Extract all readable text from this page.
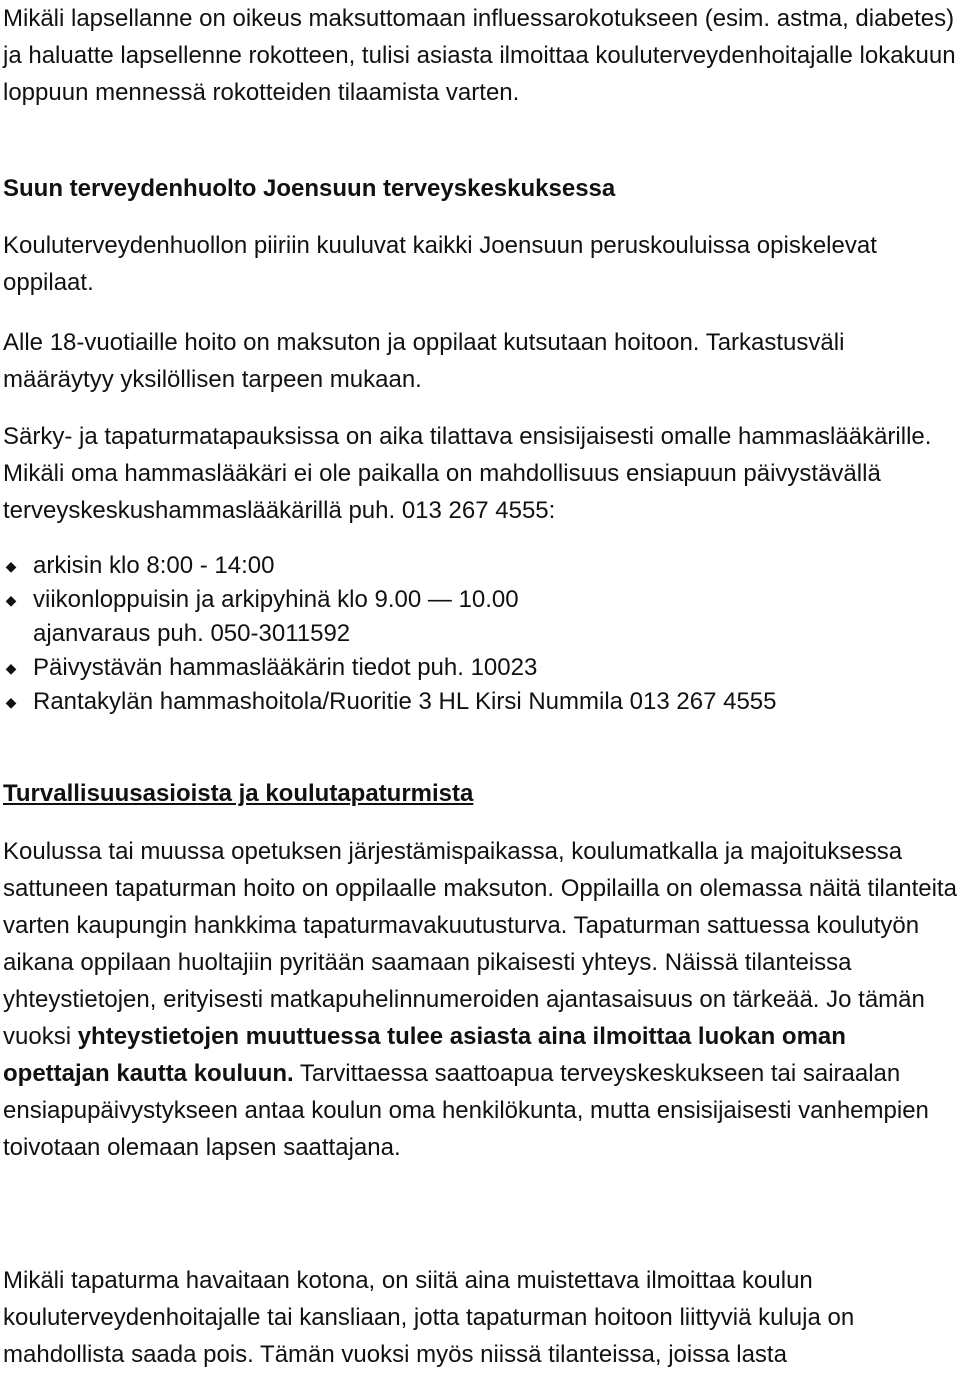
Mikäli lapsellanne on oikeus maksuttomaan influessarokotukseen (esim. astma, diabetes) ja haluatte lapsellenne rokotteen, tulisi asiasta ilmoittaa kouluterveydenhoitajalle lokakuun loppuun mennessä rokotteiden tilaamista varten.

Suun terveydenhuolto Joensuun terveyskeskuksessa

Kouluterveydenhuollon piiriin kuuluvat kaikki Joensuun peruskouluissa opiskelevat oppilaat.

Alle 18-vuotiaille hoito on maksuton ja oppilaat kutsutaan hoitoon. Tarkastusväli määräytyy yksilöllisen tarpeen mukaan.

Särky- ja tapaturmatapauksissa on aika tilattava ensisijaisesti omalle hammaslääkärille. Mikäli oma hammaslääkäri ei ole paikalla on mahdollisuus ensiapuun päivystävällä terveyskeskushammaslääkärillä puh. 013 267 4555:

◆ arkisin klo 8:00 - 14:00
◆ viikonloppuisin ja arkipyhinä klo 9.00 — 10.00
ajanvaraus puh. 050-3011592
◆ Päivystävän hammaslääkärin tiedot puh. 10023
◆ Rantakylän hammashoitola/Ruoritie 3 HL Kirsi Nummila 013 267 4555

Turvallisuusasioista ja koulutapaturmista

Koulussa tai muussa opetuksen järjestämispaikassa, koulumatkalla ja majoituksessa sattuneen tapaturman hoito on oppilaalle maksuton. Oppilailla on olemassa näitä tilanteita varten kaupungin hankkima tapaturmavakuutusturva. Tapaturman sattuessa koulutyön aikana oppilaan huoltajiin pyritään saamaan pikaisesti yhteys. Näissä tilanteissa yhteystietojen, erityisesti matkapuhelinnumeroiden ajantasaisuus on tärkeää. Jo tämän vuoksi yhteystietojen muuttuessa tulee asiasta aina ilmoittaa luokan oman opettajan kautta kouluun. Tarvittaessa saattoapua terveyskeskukseen tai sairaalan ensiapupäivystykseen antaa koulun oma henkilökunta, mutta ensisijaisesti vanhempien toivotaan olemaan lapsen saattajana.

Mikäli tapaturma havaitaan kotona, on siitä aina muistettava ilmoittaa koulun kouluterveydenhoitajalle tai kansliaan, jotta tapaturman hoitoon liittyviä kuluja on mahdollista saada pois. Tämän vuoksi myös niissä tilanteissa, joissa lasta
